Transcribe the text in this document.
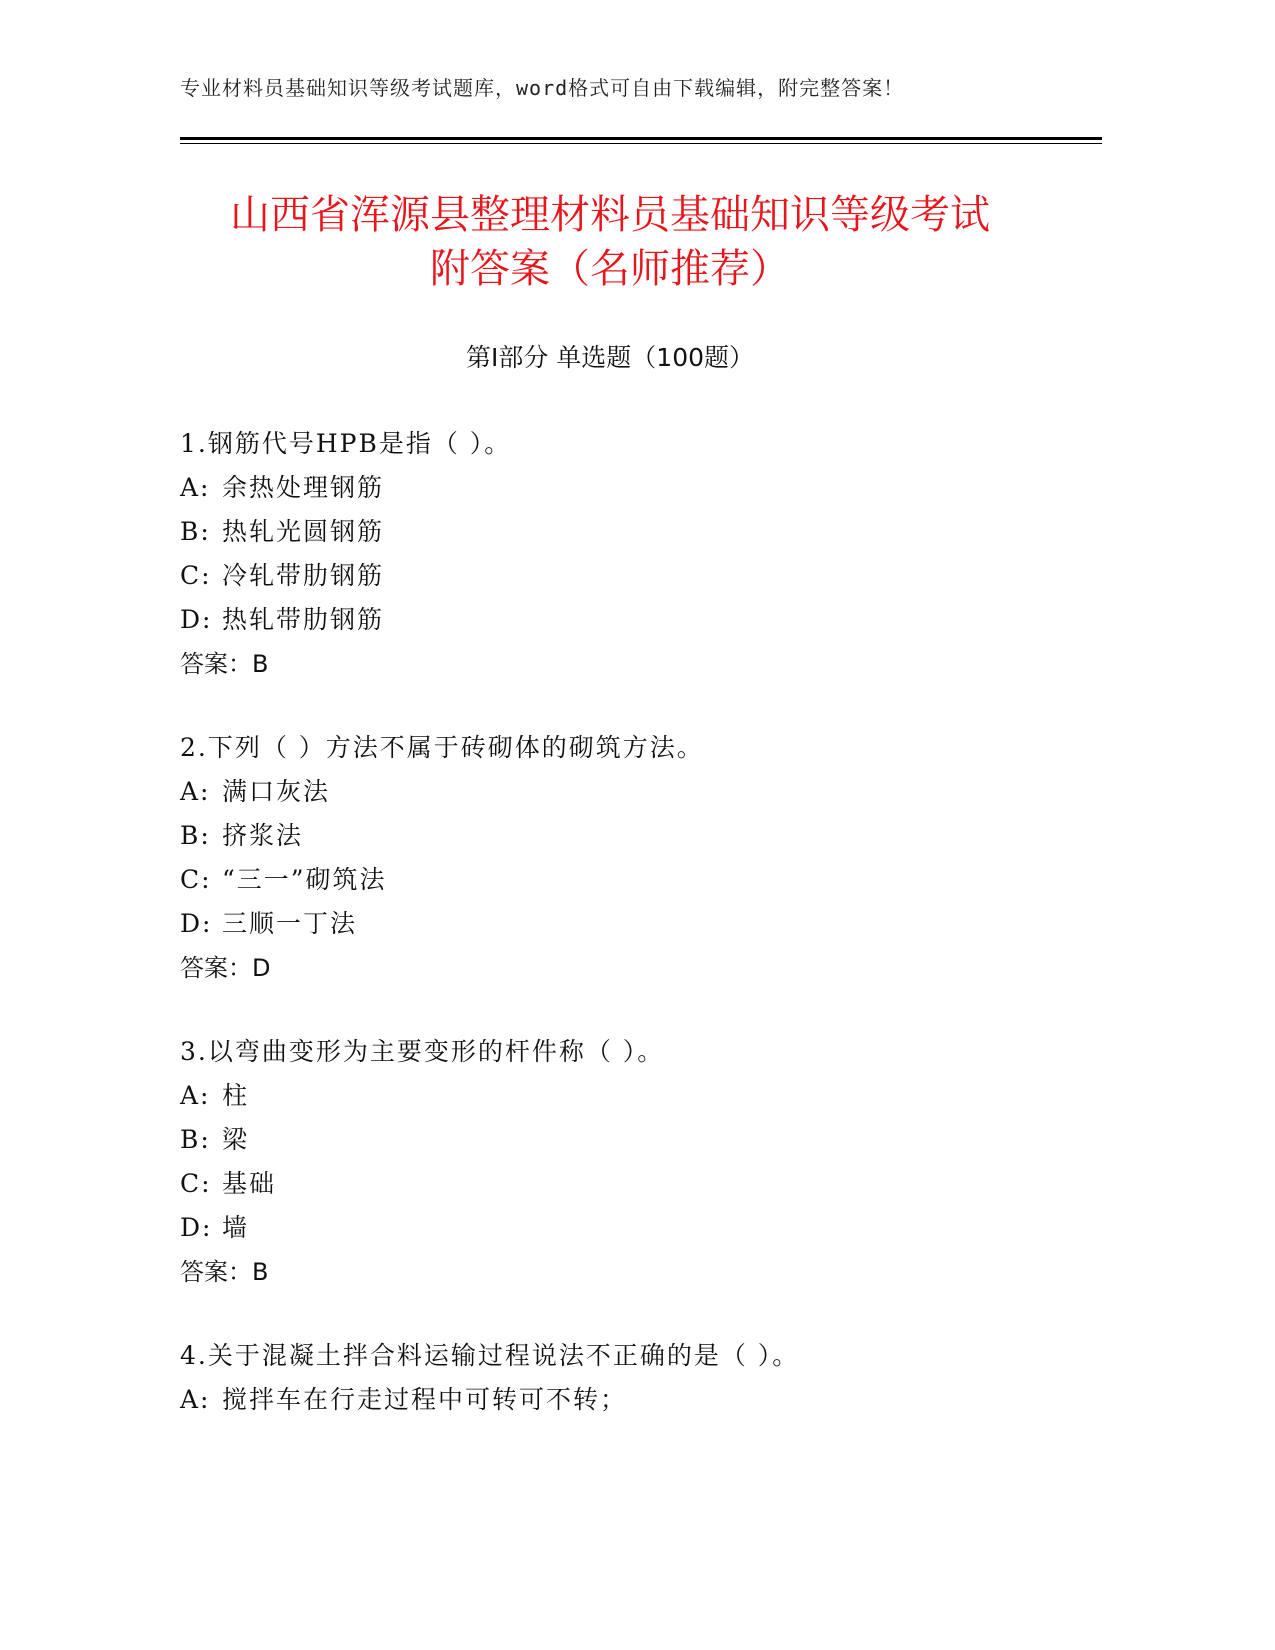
专业材料员基础知识等级考试题库，word格式可自由下载编辑，附完整答案！
山西省浑源县整理材料员基础知识等级考试
附答案（名师推荐）
第Ⅰ部分 单选题（100题）
1.钢筋代号HPB是指（ ）。
A: 余热处理钢筋
B: 热轧光圆钢筋
C: 冷轧带肋钢筋
D: 热轧带肋钢筋
答案：B
2.下列（ ）方法不属于砖砌体的砌筑方法。
A: 满口灰法
B: 挤浆法
C: “三一”砌筑法
D: 三顺一丁法
答案：D
3.以弯曲变形为主要变形的杆件称（ ）。
A: 柱
B: 梁
C: 基础
D: 墙
答案：B
4.关于混凝土拌合料运输过程说法不正确的是（ ）。
A: 搅拌车在行走过程中可转可不转；
